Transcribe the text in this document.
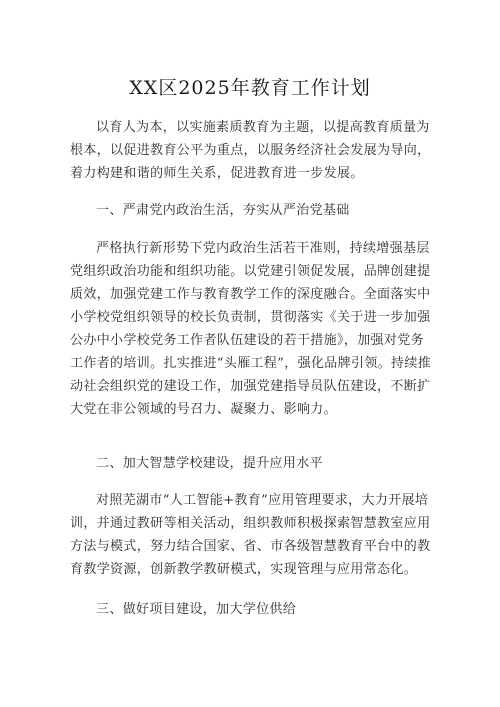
XX区2025年教育工作计划
以育人为本，以实施素质教育为主题，以提高教育质量为根本，以促进教育公平为重点，以服务经济社会发展为导向，着力构建和谐的师生关系，促进教育进一步发展。
一、严肃党内政治生活，夯实从严治党基础
严格执行新形势下党内政治生活若干准则，持续增强基层党组织政治功能和组织功能。以党建引领促发展，品牌创建提质效，加强党建工作与教育教学工作的深度融合。全面落实中小学校党组织领导的校长负责制，贯彻落实《关于进一步加强公办中小学校党务工作者队伍建设的若干措施》，加强对党务工作者的培训。扎实推进“头雁工程”，强化品牌引领。持续推动社会组织党的建设工作，加强党建指导员队伍建设，不断扩大党在非公领域的号召力、凝聚力、影响力。
二、加大智慧学校建设，提升应用水平
对照芜湖市“人工智能+教育”应用管理要求，大力开展培训，并通过教研等相关活动，组织教师积极探索智慧教室应用方法与模式，努力结合国家、省、市各级智慧教育平台中的教育教学资源，创新教学教研模式，实现管理与应用常态化。
三、做好项目建设，加大学位供给
